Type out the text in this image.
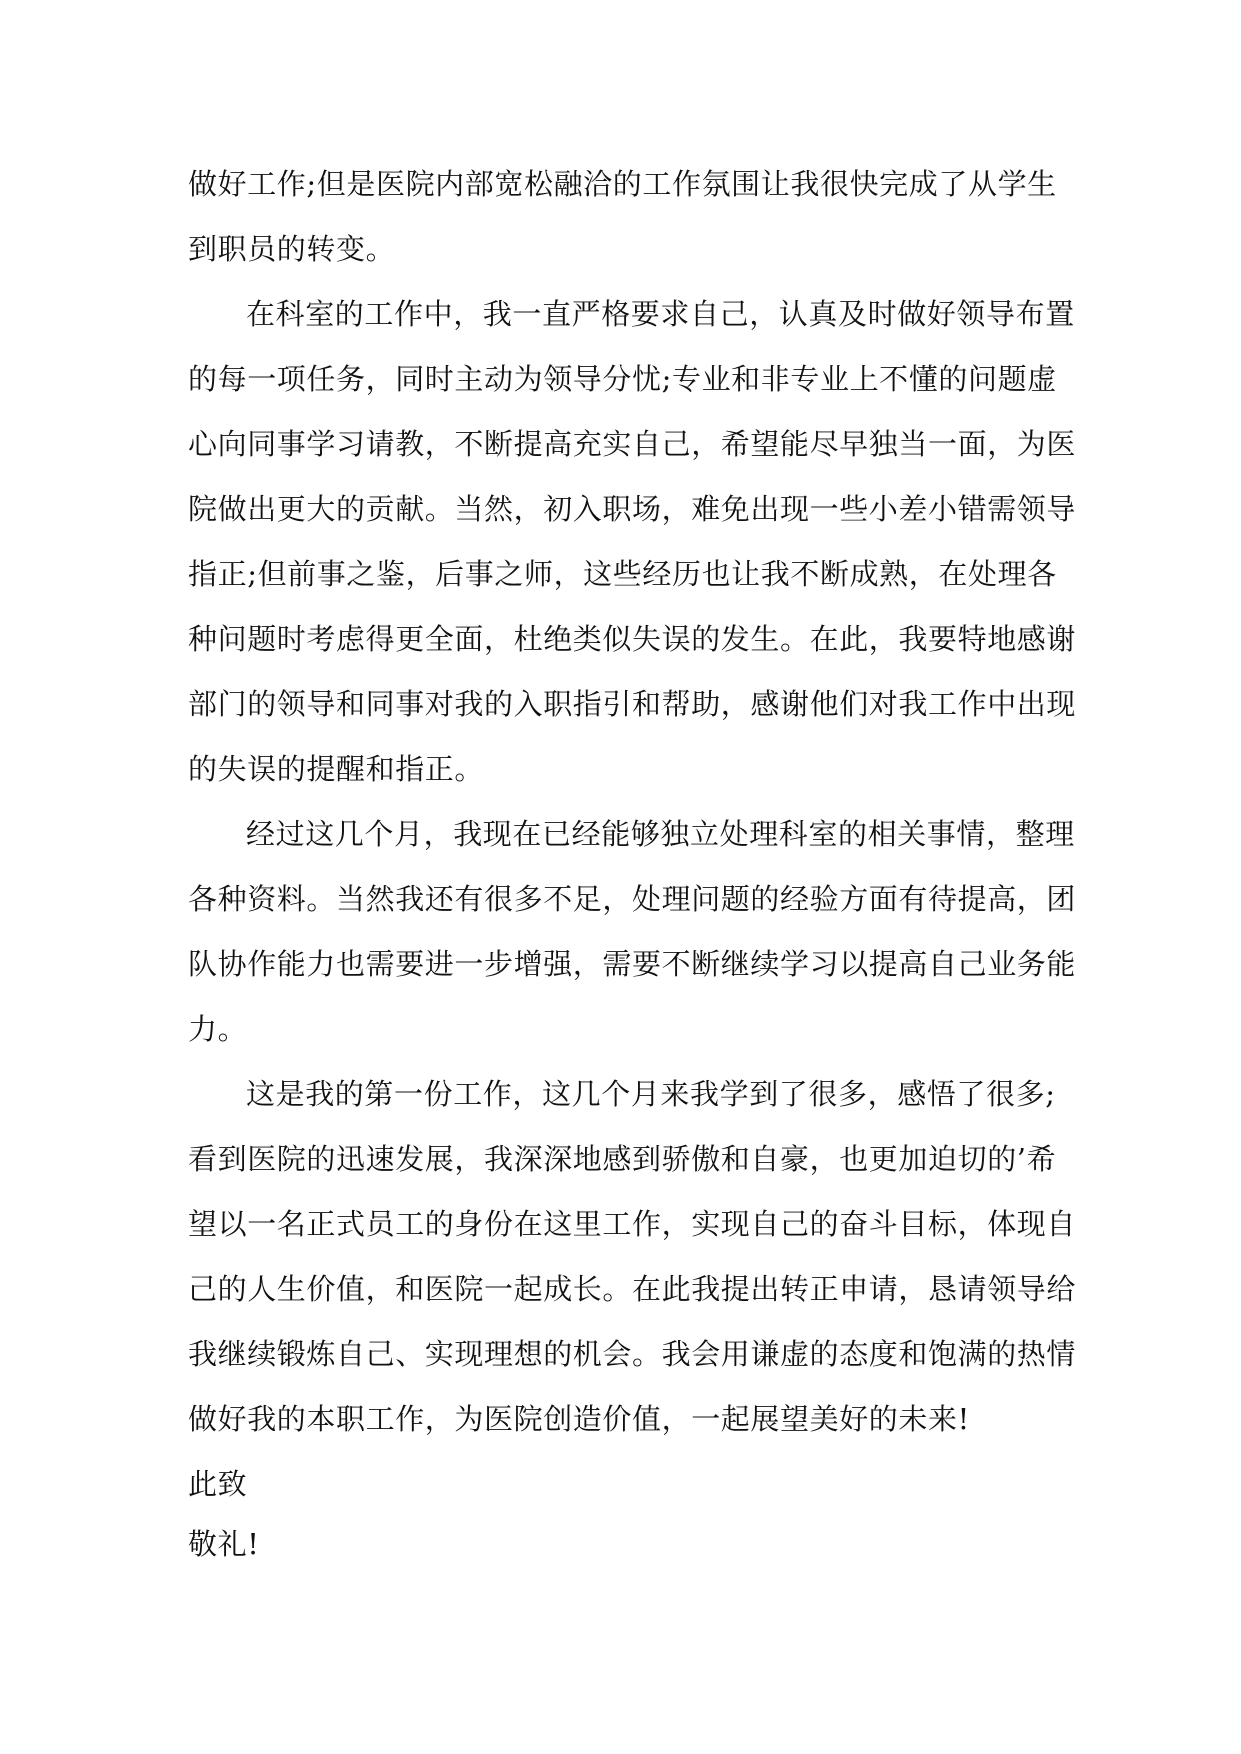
做好工作;但是医院内部宽松融洽的工作氛围让我很快完成了从学生
到职员的转变。
在科室的工作中，我一直严格要求自己，认真及时做好领导布置
的每一项任务，同时主动为领导分忧;专业和非专业上不懂的问题虚
心向同事学习请教，不断提高充实自己，希望能尽早独当一面，为医
院做出更大的贡献。当然，初入职场，难免出现一些小差小错需领导
指正;但前事之鉴，后事之师，这些经历也让我不断成熟，在处理各
种问题时考虑得更全面，杜绝类似失误的发生。在此，我要特地感谢
部门的领导和同事对我的入职指引和帮助，感谢他们对我工作中出现
的失误的提醒和指正。
经过这几个月，我现在已经能够独立处理科室的相关事情，整理
各种资料。当然我还有很多不足，处理问题的经验方面有待提高，团
队协作能力也需要进一步增强，需要不断继续学习以提高自己业务能
力。
这是我的第一份工作，这几个月来我学到了很多，感悟了很多;
看到医院的迅速发展，我深深地感到骄傲和自豪，也更加迫切的’希
望以一名正式员工的身份在这里工作，实现自己的奋斗目标，体现自
己的人生价值，和医院一起成长。在此我提出转正申请，恳请领导给
我继续锻炼自己、实现理想的机会。我会用谦虚的态度和饱满的热情
做好我的本职工作，为医院创造价值，一起展望美好的未来!
此致
敬礼!
